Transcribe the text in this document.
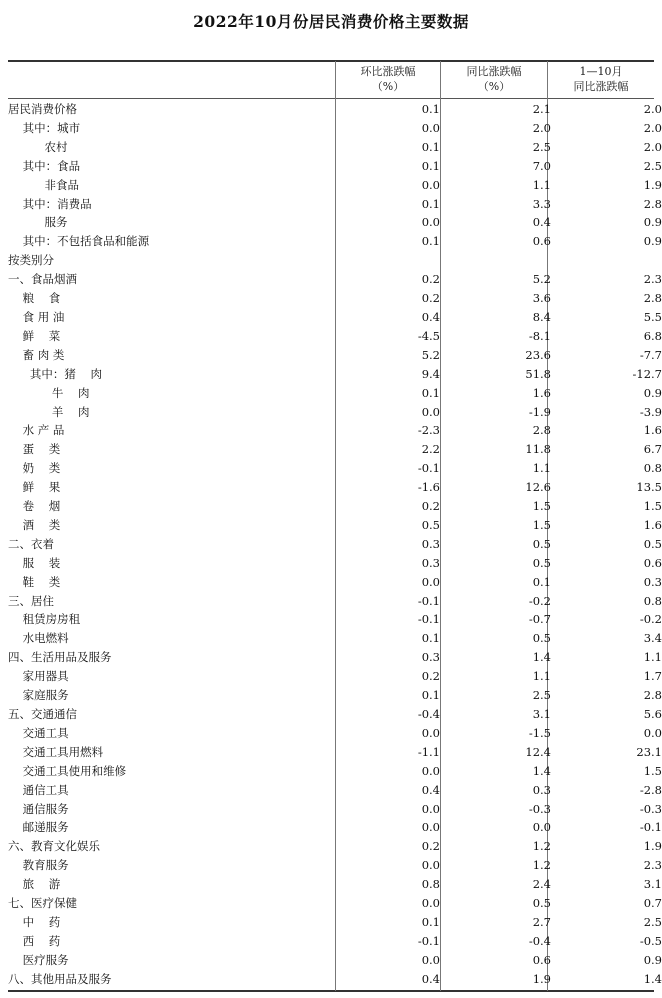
2022年10月份居民消费价格主要数据
环比涨跌幅
（%）
同比涨跌幅
（%）
1—10月
同比涨跌幅
居民消费价格	0.1	2.1	2.0
其中：城市	0.0	2.0	2.0
农村	0.1	2.5	2.0
其中：食品	0.1	7.0	2.5
非食品	0.0	1.1	1.9
其中：消费品	0.1	3.3	2.8
服务	0.0	0.4	0.9
其中：不包括食品和能源	0.1	0.6	0.9
按类别分			
一、食品烟酒	0.2	5.2	2.3
粮    食	0.2	3.6	2.8
食 用 油	0.4	8.4	5.5
鲜    菜	-4.5	-8.1	6.8
畜 肉 类	5.2	23.6	-7.7
其中：猪    肉	9.4	51.8	-12.7
牛    肉	0.1	1.6	0.9
羊    肉	0.0	-1.9	-3.9
水 产 品	-2.3	2.8	1.6
蛋    类	2.2	11.8	6.7
奶    类	-0.1	1.1	0.8
鲜    果	-1.6	12.6	13.5
卷    烟	0.2	1.5	1.5
酒    类	0.5	1.5	1.6
二、衣着	0.3	0.5	0.5
服    装	0.3	0.5	0.6
鞋    类	0.0	0.1	0.3
三、居住	-0.1	-0.2	0.8
租赁房房租	-0.1	-0.7	-0.2
水电燃料	0.1	0.5	3.4
四、生活用品及服务	0.3	1.4	1.1
家用器具	0.2	1.1	1.7
家庭服务	0.1	2.5	2.8
五、交通通信	-0.4	3.1	5.6
交通工具	0.0	-1.5	0.0
交通工具用燃料	-1.1	12.4	23.1
交通工具使用和维修	0.0	1.4	1.5
通信工具	0.4	0.3	-2.8
通信服务	0.0	-0.3	-0.3
邮递服务	0.0	0.0	-0.1
六、教育文化娱乐	0.2	1.2	1.9
教育服务	0.0	1.2	2.3
旅    游	0.8	2.4	3.1
七、医疗保健	0.0	0.5	0.7
中    药	0.1	2.7	2.5
西    药	-0.1	-0.4	-0.5
医疗服务	0.0	0.6	0.9
八、其他用品及服务	0.4	1.9	1.4
